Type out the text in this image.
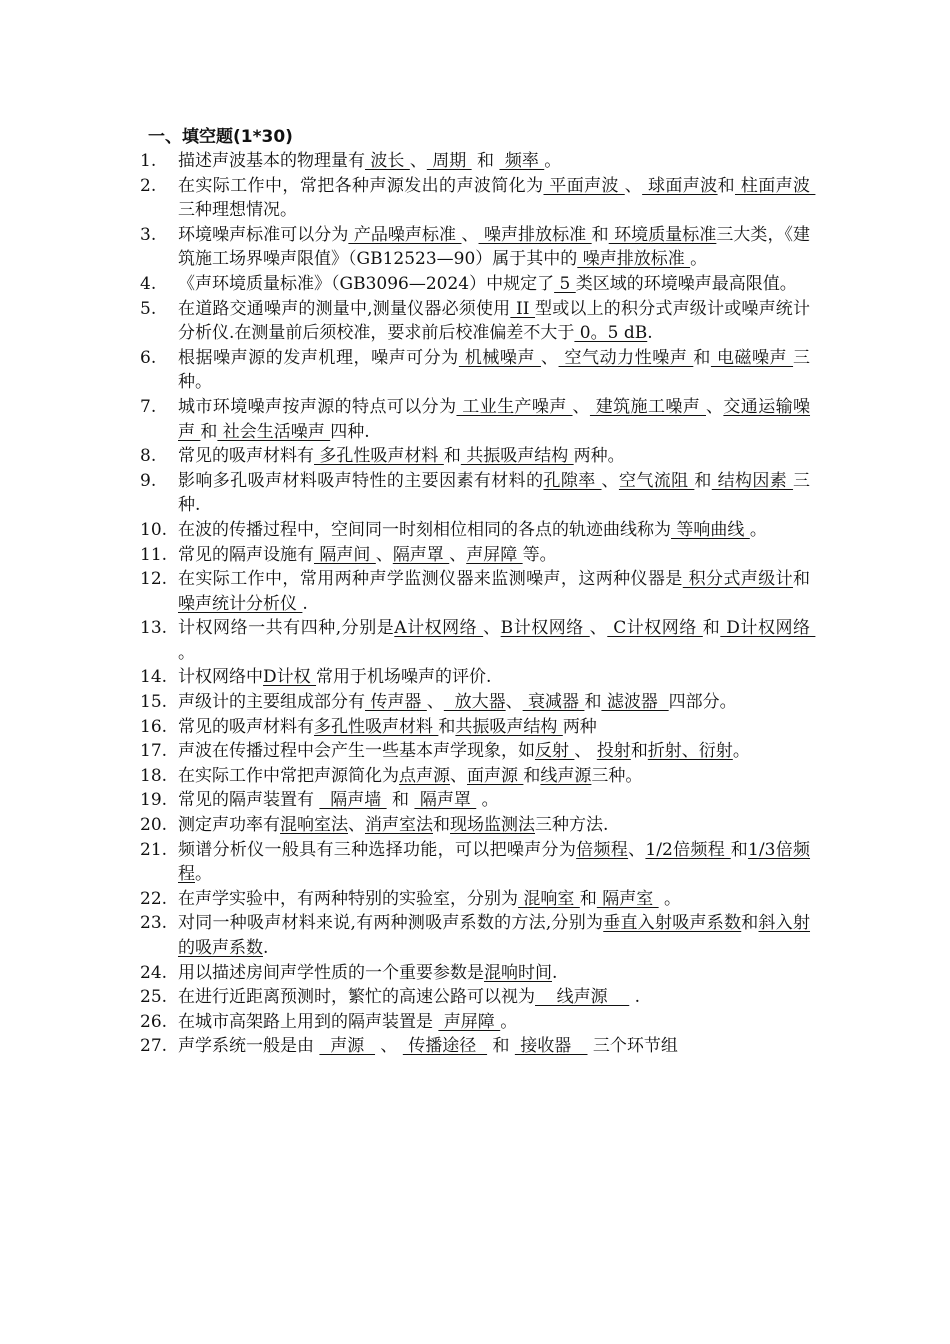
一、填空题(1*30)
1.	描述声波基本的物理量有 波长 、 周期  和  频率 。
2.	在实际工作中，常把各种声源发出的声波简化为 平面声波 、 球面声波和 柱面声波 三种理想情况。
3.	环境噪声标准可以分为 产品噪声标准 、 噪声排放标准 和 环境质量标准三大类，《建筑施工场界噪声限值》（GB12523—90）属于其中的 噪声排放标准 。
4.	《声环境质量标准》（GB3096—2024）中规定了 5 类区域的环境噪声最高限值。
5.	在道路交通噪声的测量中,测量仪器必须使用 II 型或以上的积分式声级计或噪声统计分析仪.在测量前后须校准，要求前后校准偏差不大于 0。5 dB.
6.	根据噪声源的发声机理，噪声可分为 机械噪声 、 空气动力性噪声 和 电磁噪声 三种。
7.	城市环境噪声按声源的特点可以分为 工业生产噪声 、 建筑施工噪声 、交通运输噪声 和 社会生活噪声 四种.
8.	常见的吸声材料有 多孔性吸声材料 和 共振吸声结构 两种。
9.	影响多孔吸声材料吸声特性的主要因素有材料的孔隙率 、空气流阻 和 结构因素 三种.
10. 在波的传播过程中，空间同一时刻相位相同的各点的轨迹曲线称为 等响曲线 。
11. 常见的隔声设施有 隔声间 、隔声罩 、声屏障 等。
12. 在实际工作中，常用两种声学监测仪器来监测噪声，这两种仪器是 积分式声级计和噪声统计分析仪 .
13. 计权网络一共有四种,分别是A计权网络 、B计权网络 、 C计权网络 和 D计权网络 。
14. 计权网络中D计权 常用于机场噪声的评价.
15. 声级计的主要组成部分有 传声器 、  放大器、 衰减器 和 滤波器  四部分。
16. 常见的吸声材料有多孔性吸声材料 和共振吸声结构 两种
17. 声波在传播过程中会产生一些基本声学现象，如反射 、 投射和折射、衍射。
18. 在实际工作中常把声源简化为点声源、面声源 和线声源三种。
19. 常见的隔声装置有   隔声墙  和  隔声罩  。
20. 测定声功率有混响室法、消声室法和现场监测法三种方法.
21. 频谱分析仪一般具有三种选择功能，可以把噪声分为倍频程、1/2倍频程 和1/3倍频程。
22. 在声学实验中，有两种特别的实验室，分别为 混响室 和 隔声室  。
23. 对同一种吸声材料来说,有两种测吸声系数的方法,分别为垂直入射吸声系数和斜入射的吸声系数.
24. 用以描述房间声学性质的一个重要参数是混响时间.
25. 在进行近距离预测时，繁忙的高速公路可以视为    线声源     .
26. 在城市高架路上用到的隔声装置是  声屏障 。
27. 声学系统一般是由   声源   、  传播途径   和  接收器    三个环节组
